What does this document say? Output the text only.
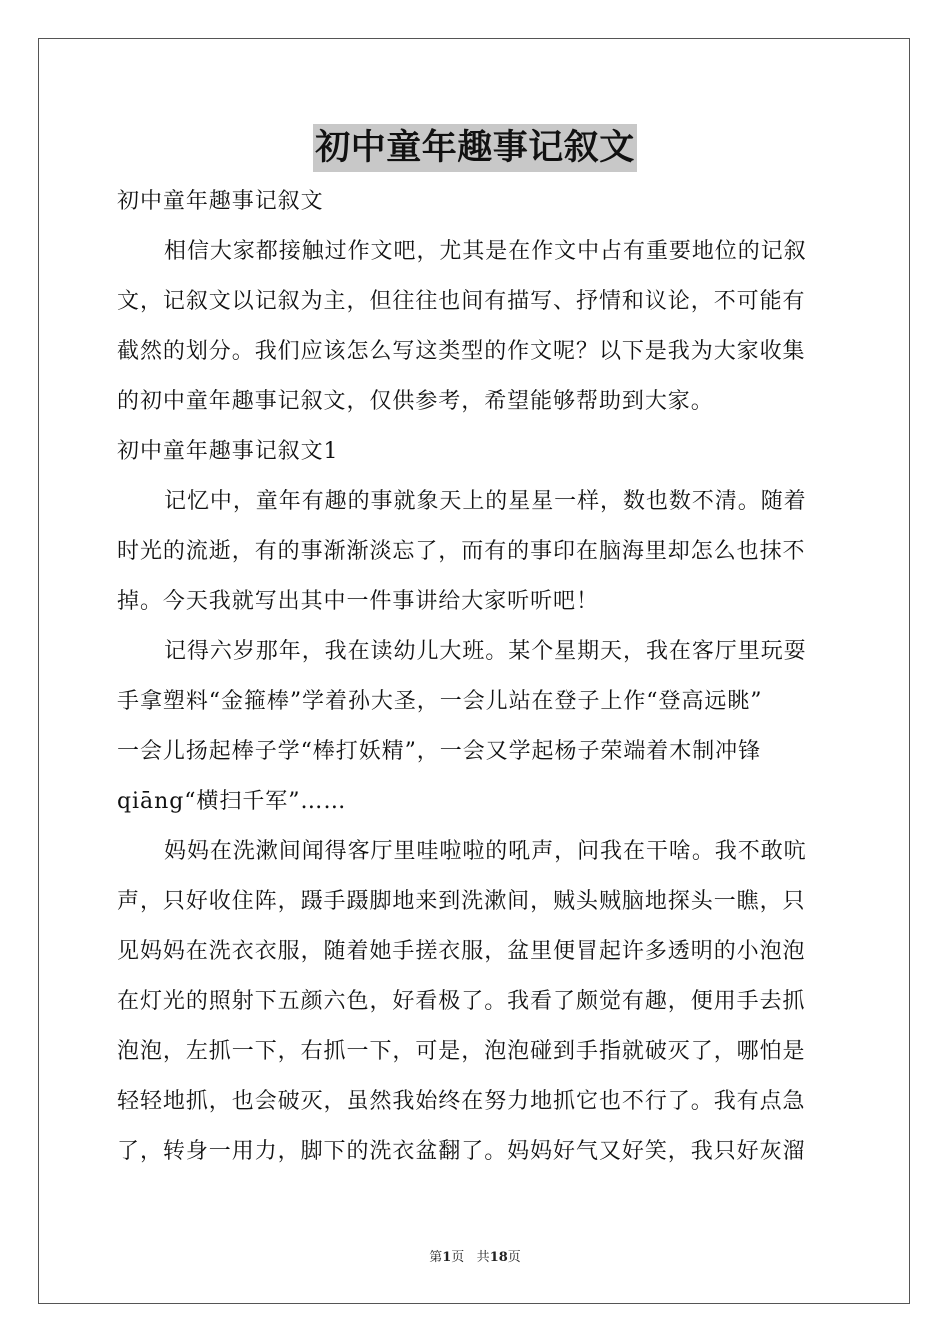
初中童年趣事记叙文
初中童年趣事记叙文
相信大家都接触过作文吧，尤其是在作文中占有重要地位的记叙
文，记叙文以记叙为主，但往往也间有描写、抒情和议论，不可能有
截然的划分。我们应该怎么写这类型的作文呢？以下是我为大家收集
的初中童年趣事记叙文，仅供参考，希望能够帮助到大家。
初中童年趣事记叙文1
记忆中，童年有趣的事就象天上的星星一样，数也数不清。随着
时光的流逝，有的事渐渐淡忘了，而有的事印在脑海里却怎么也抹不
掉。今天我就写出其中一件事讲给大家听听吧！
记得六岁那年，我在读幼儿大班。某个星期天，我在客厅里玩耍
手拿塑料“金箍棒”学着孙大圣，一会儿站在登子上作“登高远眺”
一会儿扬起棒子学“棒打妖精”，一会又学起杨子荣端着木制冲锋
qiāng“横扫千军”……
妈妈在洗漱间闻得客厅里哇啦啦的吼声，问我在干啥。我不敢吭
声，只好收住阵，蹑手蹑脚地来到洗漱间，贼头贼脑地探头一瞧，只
见妈妈在洗衣衣服，随着她手搓衣服，盆里便冒起许多透明的小泡泡
在灯光的照射下五颜六色，好看极了。我看了颇觉有趣，便用手去抓
泡泡，左抓一下，右抓一下，可是，泡泡碰到手指就破灭了，哪怕是
轻轻地抓，也会破灭，虽然我始终在努力地抓它也不行了。我有点急
了，转身一用力，脚下的洗衣盆翻了。妈妈好气又好笑，我只好灰溜
第1页 共18页
